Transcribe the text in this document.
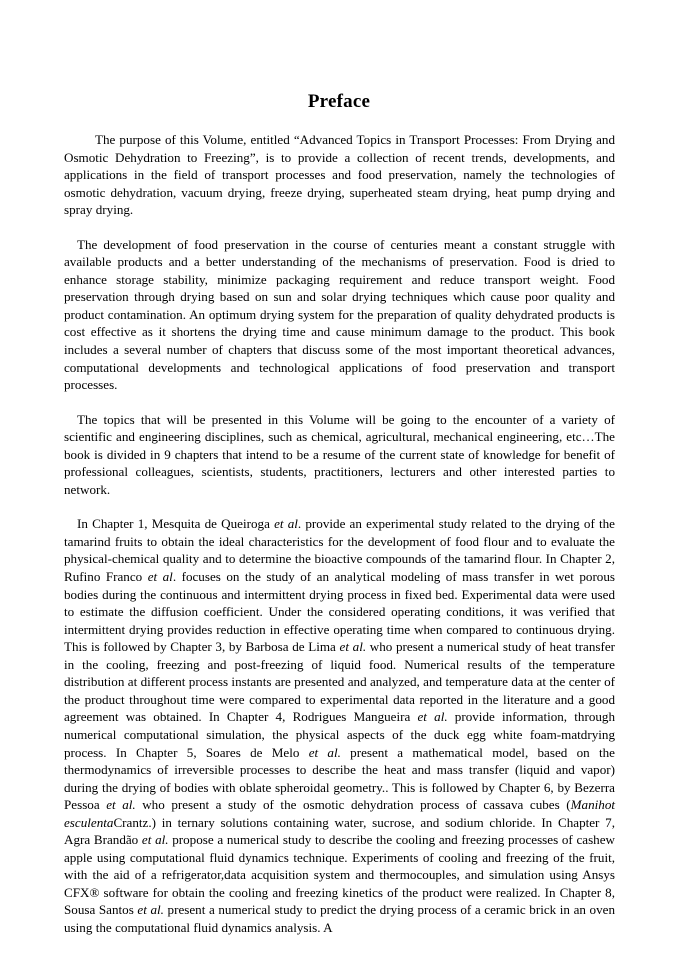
Preface

The purpose of this Volume, entitled “Advanced Topics in Transport Processes: From Drying and Osmotic Dehydration to Freezing”, is to provide a collection of recent trends, developments, and applications in the field of transport processes and food preservation, namely the technologies of osmotic dehydration, vacuum drying, freeze drying, superheated steam drying, heat pump drying and spray drying.

The development of food preservation in the course of centuries meant a constant struggle with available products and a better understanding of the mechanisms of preservation. Food is dried to enhance storage stability, minimize packaging requirement and reduce transport weight. Food preservation through drying based on sun and solar drying techniques which cause poor quality and product contamination. An optimum drying system for the preparation of quality dehydrated products is cost effective as it shortens the drying time and cause minimum damage to the product. This book includes a several number of chapters that discuss some of the most important theoretical advances, computational developments and technological applications of food preservation and transport processes.

The topics that will be presented in this Volume will be going to the encounter of a variety of scientific and engineering disciplines, such as chemical, agricultural, mechanical engineering, etc…The book is divided in 9 chapters that intend to be a resume of the current state of knowledge for benefit of professional colleagues, scientists, students, practitioners, lecturers and other interested parties to network.

In Chapter 1, Mesquita de Queiroga et al. provide an experimental study related to the drying of the tamarind fruits to obtain the ideal characteristics for the development of food flour and to evaluate the physical-chemical quality and to determine the bioactive compounds of the tamarind flour. In Chapter 2, Rufino Franco et al. focuses on the study of an analytical modeling of mass transfer in wet porous bodies during the continuous and intermittent drying process in fixed bed. Experimental data were used to estimate the diffusion coefficient. Under the considered operating conditions, it was verified that intermittent drying provides reduction in effective operating time when compared to continuous drying. This is followed by Chapter 3, by Barbosa de Lima et al. who present a numerical study of heat transfer in the cooling, freezing and post-freezing of liquid food. Numerical results of the temperature distribution at different process instants are presented and analyzed, and temperature data at the center of the product throughout time were compared to experimental data reported in the literature and a good agreement was obtained. In Chapter 4, Rodrigues Mangueira et al. provide information, through numerical computational simulation, the physical aspects of the duck egg white foam-matdrying process. In Chapter 5, Soares de Melo et al. present a mathematical model, based on the thermodynamics of irreversible processes to describe the heat and mass transfer (liquid and vapor) during the drying of bodies with oblate spheroidal geometry.. This is followed by Chapter 6, by Bezerra Pessoa et al. who present a study of the osmotic dehydration process of cassava cubes (Manihot esculentaCrantz.) in ternary solutions containing water, sucrose, and sodium chloride. In Chapter 7, Agra Brandão et al. propose a numerical study to describe the cooling and freezing processes of cashew apple using computational fluid dynamics technique. Experiments of cooling and freezing of the fruit, with the aid of a refrigerator,data acquisition system and thermocouples, and simulation using Ansys CFX® software for obtain the cooling and freezing kinetics of the product were realized. In Chapter 8, Sousa Santos et al. present a numerical study to predict the drying process of a ceramic brick in an oven using the computational fluid dynamics analysis. A
